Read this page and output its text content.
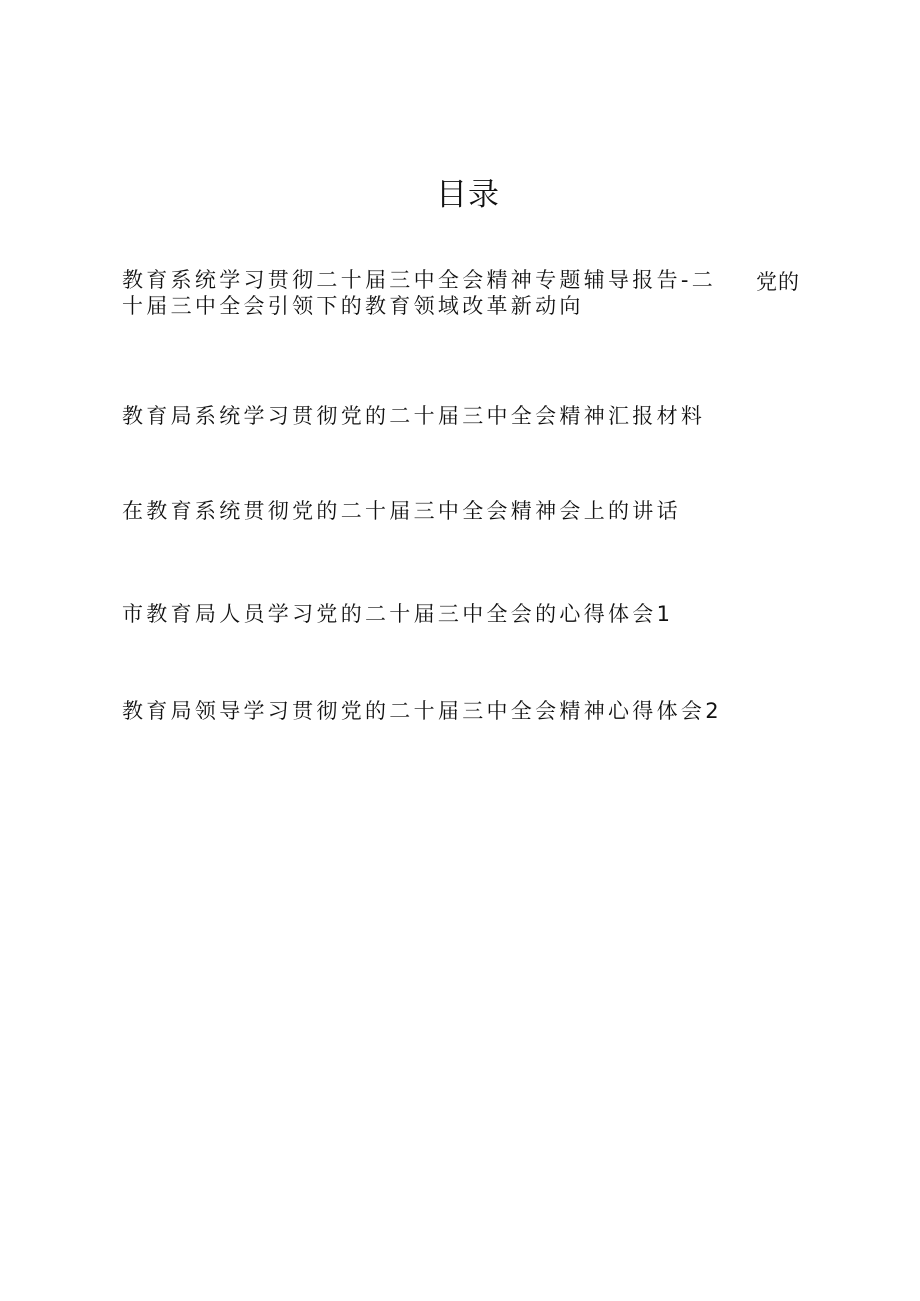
目录
教育系统学习贯彻二十届三中全会精神专题辅导报告-二 党的
十届三中全会引领下的教育领域改革新动向
教育局系统学习贯彻党的二十届三中全会精神汇报材料
在教育系统贯彻党的二十届三中全会精神会上的讲话
市教育局人员学习党的二十届三中全会的心得体会1
教育局领导学习贯彻党的二十届三中全会精神心得体会2
